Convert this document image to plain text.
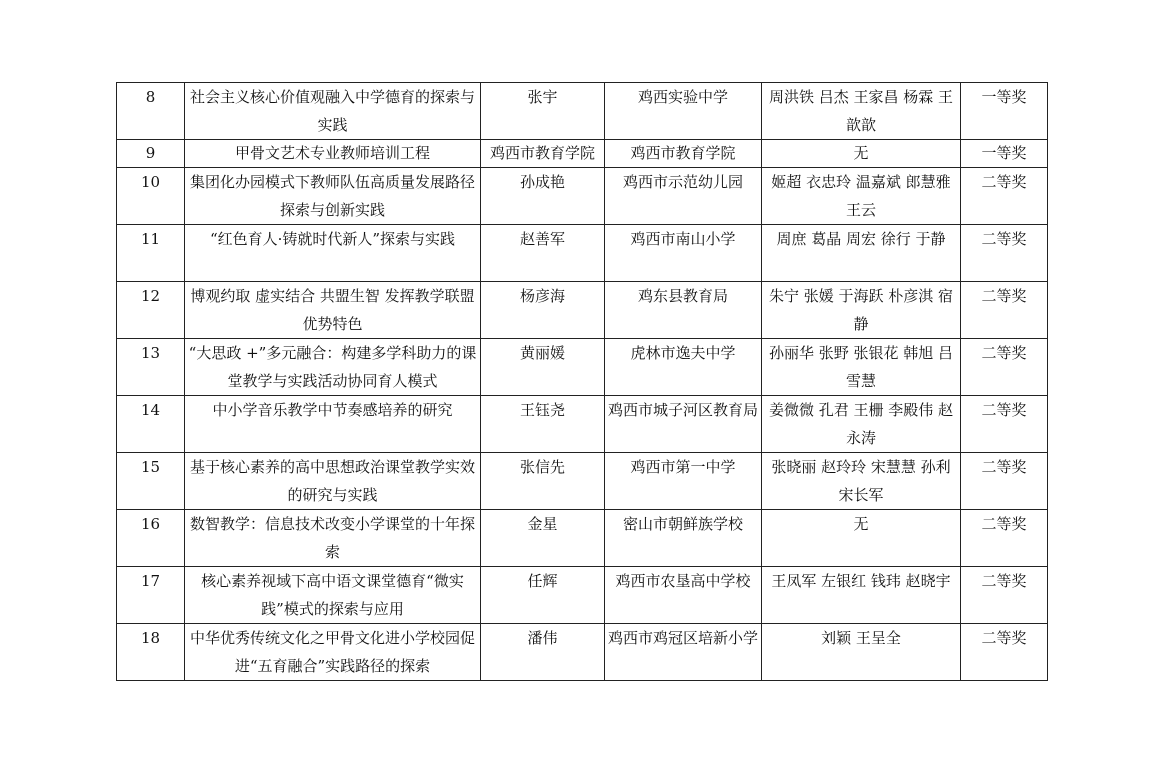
8	社会主义核心价值观融入中学德育的探索与实践	张宇	鸡西实验中学	周洪铁 吕杰 王家昌 杨霖 王歆歆	一等奖
9	甲骨文艺术专业教师培训工程	鸡西市教育学院	鸡西市教育学院	无	一等奖
10	集团化办园模式下教师队伍高质量发展路径探索与创新实践	孙成艳	鸡西市示范幼儿园	姬超 衣忠玲 温嘉斌 郎慧雅 王云	二等奖
11	“红色育人·铸就时代新人”探索与实践	赵善军	鸡西市南山小学	周庶 葛晶 周宏 徐行 于静	二等奖
12	博观约取 虚实结合 共盟生智 发挥教学联盟优势特色	杨彦海	鸡东县教育局	朱宁 张媛 于海跃 朴彦淇 宿静	二等奖
13	“大思政 +”多元融合：构建多学科助力的课堂教学与实践活动协同育人模式	黄丽媛	虎林市逸夫中学	孙丽华 张野 张银花 韩旭 吕雪慧	二等奖
14	中小学音乐教学中节奏感培养的研究	王钰尧	鸡西市城子河区教育局	姜微微 孔君 王栅 李殿伟 赵永涛	二等奖
15	基于核心素养的高中思想政治课堂教学实效的研究与实践	张信先	鸡西市第一中学	张晓丽 赵玲玲 宋慧慧 孙利 宋长军	二等奖
16	数智教学：信息技术改变小学课堂的十年探索	金星	密山市朝鲜族学校	无	二等奖
17	核心素养视域下高中语文课堂德育“微实践”模式的探索与应用	任辉	鸡西市农垦高中学校	王凤军 左银红 钱玮 赵晓宇	二等奖
18	中华优秀传统文化之甲骨文化进小学校园促进“五育融合”实践路径的探索	潘伟	鸡西市鸡冠区培新小学	刘颖 王呈全	二等奖
